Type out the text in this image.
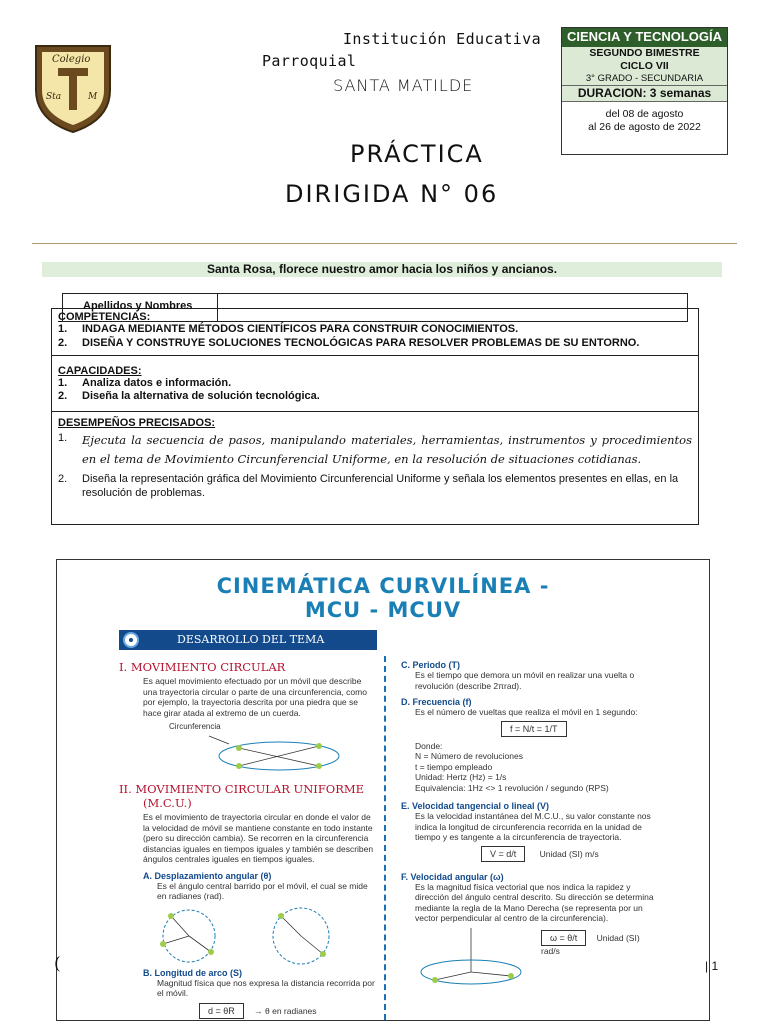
Colegio
Sta	M
Institución Educativa
Parroquial
SANTA MATILDE
PRÁCTICA
DIRIGIDA N° 06
CIENCIA Y TECNOLOGÍA
SEGUNDO BIMESTRE
CICLO VII
3° GRADO - SECUNDARIA
DURACION: 3 semanas
del 08 de agosto
al 26 de agosto de 2022
Santa Rosa, florece nuestro amor hacia los niños y ancianos.
COMPETENCIAS:
1.	INDAGA MEDIANTE MÉTODOS CIENTÍFICOS PARA CONSTRUIR CONOCIMIENTOS.
2.	DISEÑA Y CONSTRUYE SOLUCIONES TECNOLÓGICAS PARA RESOLVER PROBLEMAS DE SU ENTORNO.
CAPACIDADES:
1.	Analiza datos e información.
2.	Diseña la alternativa de solución tecnológica.
DESEMPEÑOS PRECISADOS:
1.	Ejecuta la secuencia de pasos, manipulando materiales, herramientas, instrumentos y procedimientos en el tema de Movimiento Circunferencial Uniforme, en la resolución de situaciones cotidianas.
2.	Diseña la representación gráfica del Movimiento Circunferencial Uniforme y señala los elementos presentes en ellas, en la resolución de problemas.
Apellidos y Nombres
CINEMÁTICA CURVILÍNEA -
MCU - MCUV
DESARROLLO DEL TEMA
I. MOVIMIENTO CIRCULAR
Es aquel movimiento efectuado por un móvil que describe una trayectoria circular o parte de una circunferencia, como por ejemplo, la trayectoria descrita por una piedra que se hace girar atada al extremo de un cuerda.
Circunferencia
II. MOVIMIENTO CIRCULAR UNIFORME
(M.C.U.)
Es el movimiento de trayectoria circular en donde el valor de la velocidad de móvil se mantiene constante en todo instante (pero su dirección cambia). Se recorren en la circunferencia distancias iguales en tiempos iguales y también se describen ángulos centrales iguales en tiempos iguales.
A. Desplazamiento angular (θ)
Es el ángulo central barrido por el móvil, el cual se mide en radianes (rad).
B. Longitud de arco (S)
Magnitud física que nos expresa la distancia recorrida por el móvil.
d = θR → θ en radianes
C. Periodo (T)
Es el tiempo que demora un móvil en realizar una vuelta o revolución (describe 2πrad).
D. Frecuencia (f)
Es el número de vueltas que realiza el móvil en 1 segundo:
f = N/t = 1/T
Donde:
N = Número de revoluciones
t = tiempo empleado
Unidad: Hertz (Hz) = 1/s
Equivalencia: 1Hz <> 1 revolución / segundo (RPS)
E. Velocidad tangencial o lineal (V)
Es la velocidad instantánea del M.C.U., su valor constante nos indica la longitud de circunferencia recorrida en la unidad de tiempo y es tangente a la circunferencia de trayectoria.
V = d/t	Unidad (SI) m/s
F. Velocidad angular (ω)
Es la magnitud física vectorial que nos indica la rapidez y dirección del ángulo central descrito. Su dirección se determina mediante la regla de la Mano Derecha (se representa por un vector perpendicular al centro de la circunferencia).
ω = θ/t Unidad (SI) rad/s
(	| 1
